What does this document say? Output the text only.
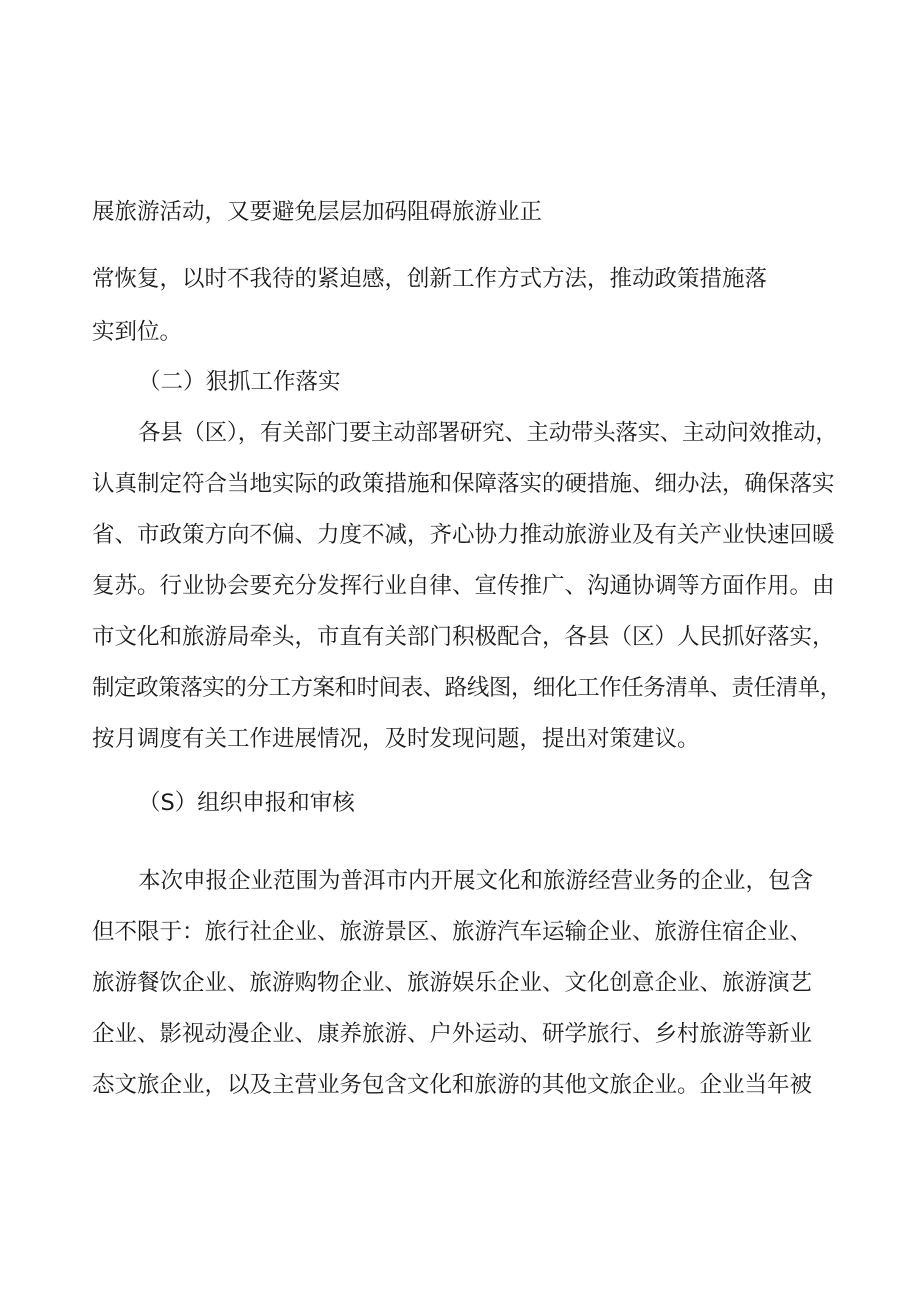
展旅游活动，又要避免层层加码阻碍旅游业正
常恢复，以时不我待的紧迫感，创新工作方式方法，推动政策措施落
实到位。
（二）狠抓工作落实
各县（区），有关部门要主动部署研究、主动带头落实、主动问效推动，
认真制定符合当地实际的政策措施和保障落实的硬措施、细办法，确保落实
省、市政策方向不偏、力度不减，齐心协力推动旅游业及有关产业快速回暖
复苏。行业协会要充分发挥行业自律、宣传推广、沟通协调等方面作用。由
市文化和旅游局牵头，市直有关部门积极配合，各县（区）人民抓好落实，
制定政策落实的分工方案和时间表、路线图，细化工作任务清单、责任清单，
按月调度有关工作进展情况，及时发现问题，提出对策建议。
（S）组织申报和审核
本次申报企业范围为普洱市内开展文化和旅游经营业务的企业，包含
但不限于：旅行社企业、旅游景区、旅游汽车运输企业、旅游住宿企业、
旅游餐饮企业、旅游购物企业、旅游娱乐企业、文化创意企业、旅游演艺
企业、影视动漫企业、康养旅游、户外运动、研学旅行、乡村旅游等新业
态文旅企业，以及主营业务包含文化和旅游的其他文旅企业。企业当年被
